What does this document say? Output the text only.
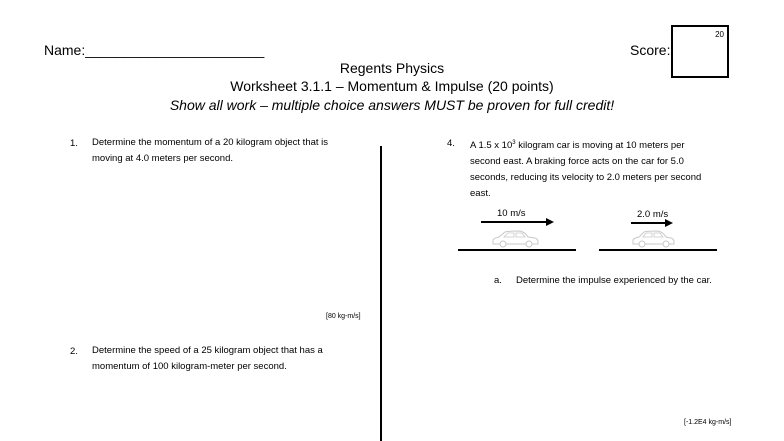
Name:_______________________	Score:
20
Regents Physics
Worksheet 3.1.1 – Momentum & Impulse (20 points)
Show all work – multiple choice answers MUST be proven for full credit!
1. Determine the momentum of a 20 kilogram object that is
moving at 4.0 meters per second.
[80 kg-m/s]
2. Determine the speed of a 25 kilogram object that has a
momentum of 100 kilogram-meter per second.
4. A 1.5 x $10^3$ kilogram car is moving at 10 meters per
second east. A braking force acts on the car for 5.0
seconds, reducing its velocity to 2.0 meters per second
east.
10 m/s	2.0 m/s
a. Determine the impulse experienced by the car.
[-1.2E4 kg-m/s]
